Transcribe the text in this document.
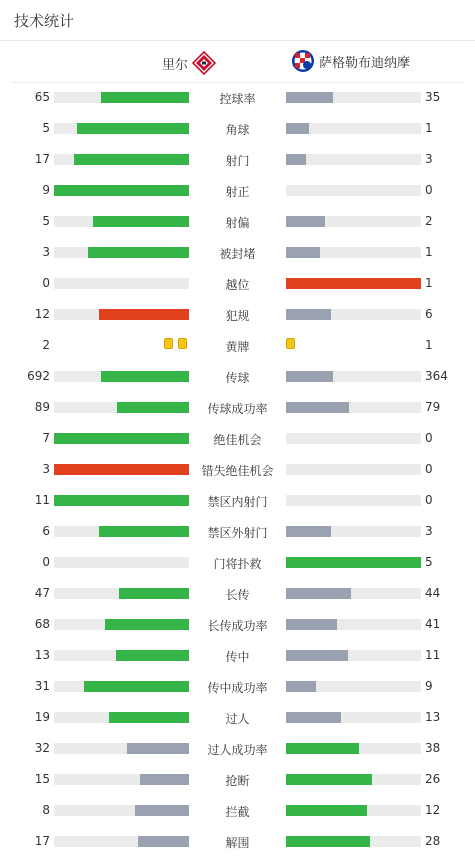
技术统计
里尔	萨格勒布迪纳摩
65	控球率	35
5	角球	1
17	射门	3
9	射正	0
5	射偏	2
3	被封堵	1
0	越位	1
12	犯规	6
2	黄牌	1
692	传球	364
89	传球成功率	79
7	绝佳机会	0
3	错失绝佳机会	0
11	禁区内射门	0
6	禁区外射门	3
0	门将扑救	5
47	长传	44
68	长传成功率	41
13	传中	11
31	传中成功率	9
19	过人	13
32	过人成功率	38
15	抢断	26
8	拦截	12
17	解围	28
